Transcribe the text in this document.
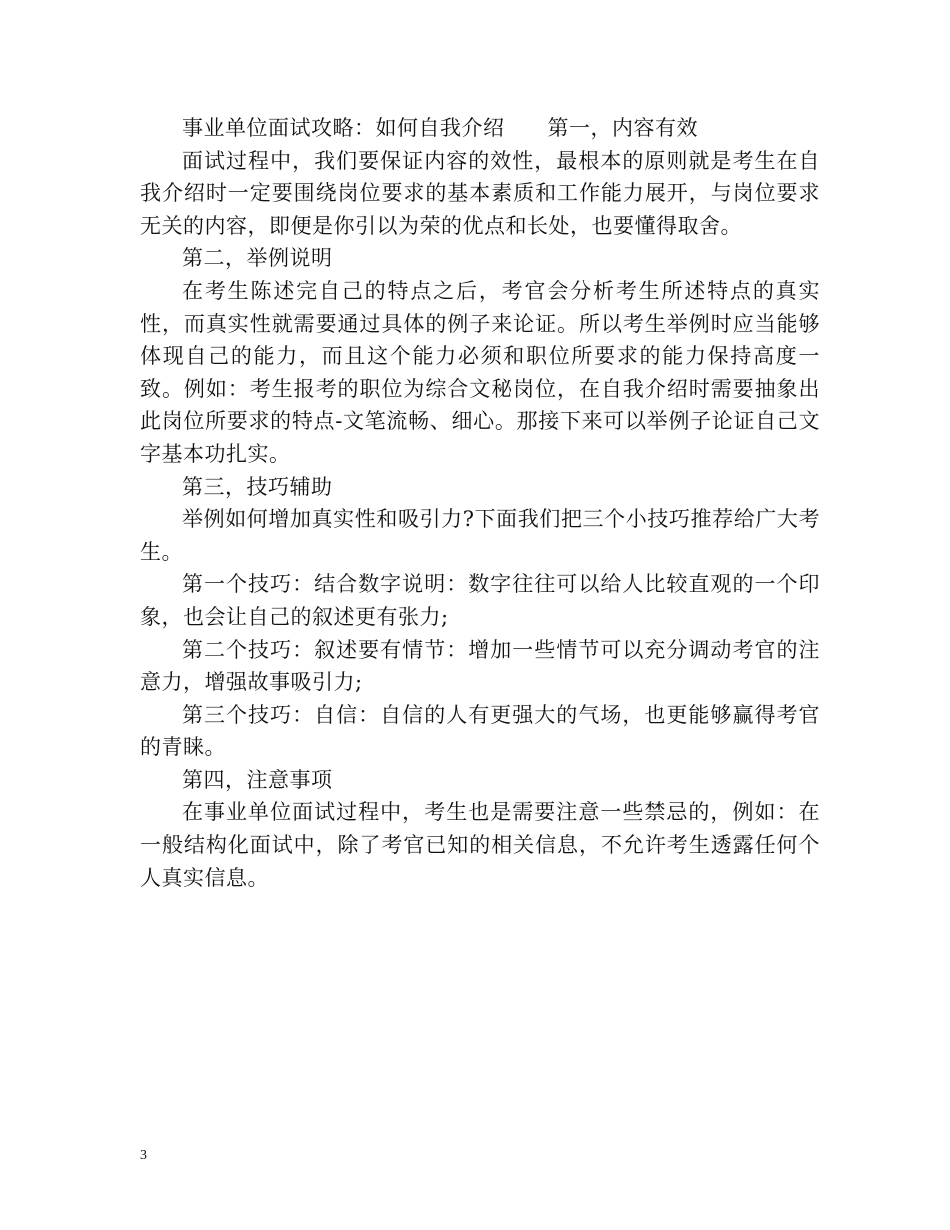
事业单位面试攻略：如何自我介绍　　第一，内容有效

面试过程中，我们要保证内容的效性，最根本的原则就是考生在自我介绍时一定要围绕岗位要求的基本素质和工作能力展开，与岗位要求无关的内容，即便是你引以为荣的优点和长处，也要懂得取舍。

第二，举例说明

在考生陈述完自己的特点之后，考官会分析考生所述特点的真实性，而真实性就需要通过具体的例子来论证。所以考生举例时应当能够体现自己的能力，而且这个能力必须和职位所要求的能力保持高度一致。例如：考生报考的职位为综合文秘岗位，在自我介绍时需要抽象出此岗位所要求的特点-文笔流畅、细心。那接下来可以举例子论证自己文字基本功扎实。

第三，技巧辅助

举例如何增加真实性和吸引力?下面我们把三个小技巧推荐给广大考生。

第一个技巧：结合数字说明：数字往往可以给人比较直观的一个印象，也会让自己的叙述更有张力;

第二个技巧：叙述要有情节：增加一些情节可以充分调动考官的注意力，增强故事吸引力;

第三个技巧：自信：自信的人有更强大的气场，也更能够赢得考官的青睐。

第四，注意事项

在事业单位面试过程中，考生也是需要注意一些禁忌的，例如：在一般结构化面试中，除了考官已知的相关信息，不允许考生透露任何个人真实信息。

3
